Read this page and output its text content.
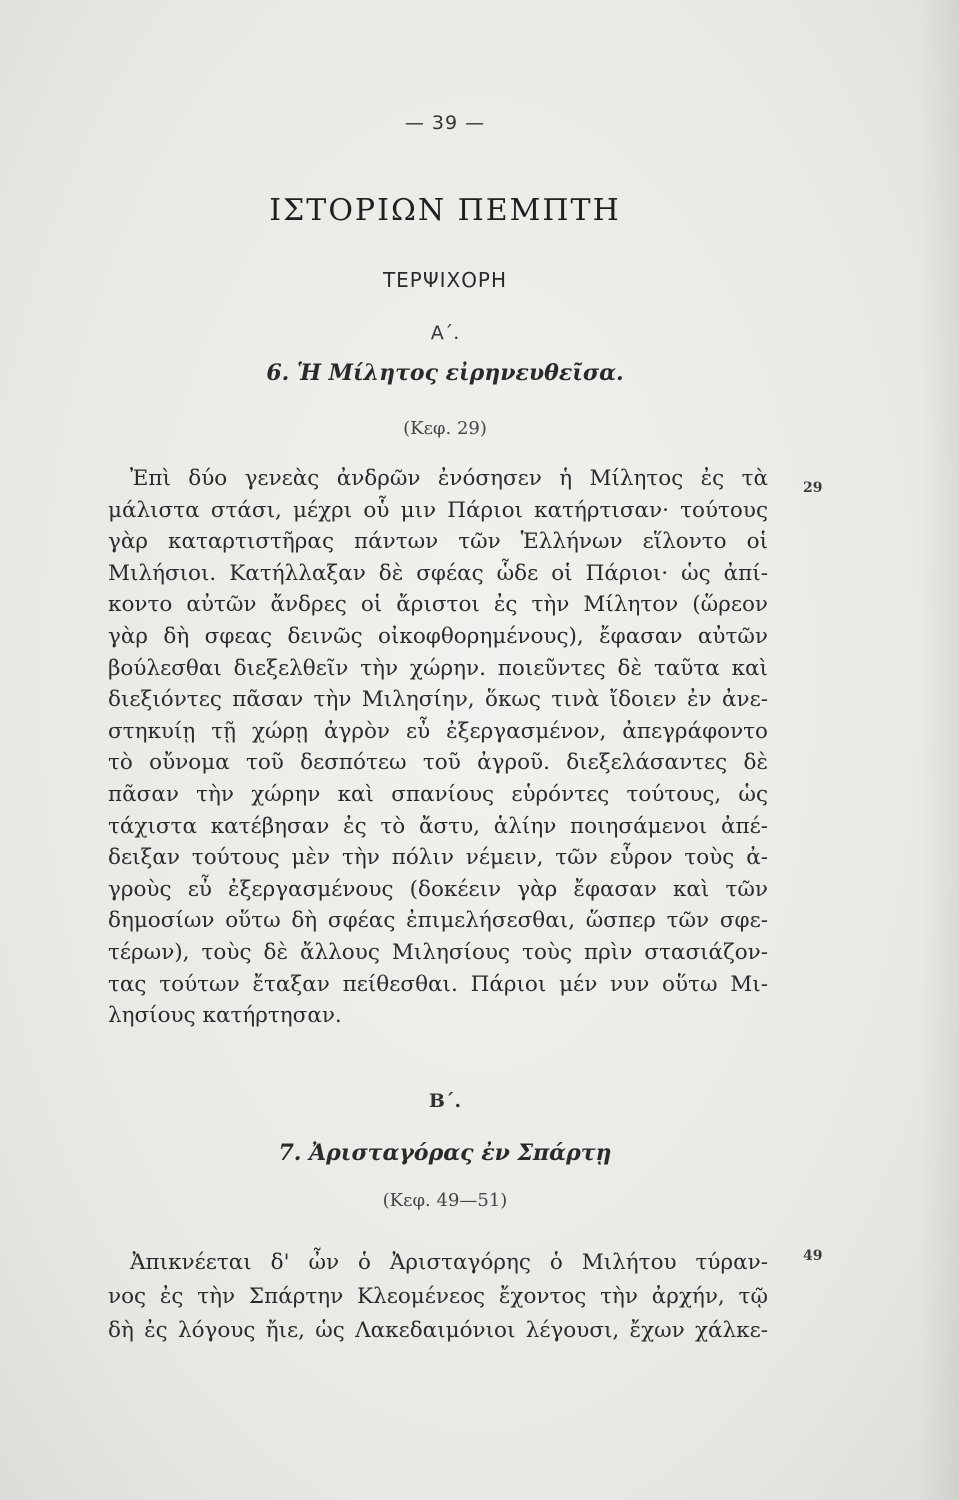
— 39 —
ΙΣΤΟΡΙΩΝ ΠΕΜΠΤΗ
ΤΕΡΨΙΧΟΡΗ
Α΄.
6. Ἡ Μίλητος εἰρηνευθεῖσα.
(Κεφ. 29)
29
Ἐπὶ δύο γενεὰς ἀνδρῶν ἐνόσησεν ἡ Μίλητος ἐς τὰ
μάλιστα στάσι, μέχρι οὗ μιν Πάριοι κατήρτισαν· τούτους
γὰρ καταρτιστῆρας πάντων τῶν Ἑλλήνων εἵλοντο οἱ
Μιλήσιοι. Κατήλλαξαν δὲ σφέας ὧδε οἱ Πάριοι· ὡς ἀπί-
κοντο αὐτῶν ἄνδρες οἱ ἄριστοι ἐς τὴν Μίλητον (ὥρεον
γὰρ δὴ σφεας δεινῶς οἰκοφθορημένους), ἔφασαν αὐτῶν
βούλεσθαι διεξελθεῖν τὴν χώρην. ποιεῦντες δὲ ταῦτα καὶ
διεξιόντες πᾶσαν τὴν Μιλησίην, ὅκως τινὰ ἴδοιεν ἐν ἀνε-
στηκυίῃ τῇ χώρῃ ἀγρὸν εὖ ἐξεργασμένον, ἀπεγράφοντο
τὸ οὔνομα τοῦ δεσπότεω τοῦ ἀγροῦ. διεξελάσαντες δὲ
πᾶσαν τὴν χώρην καὶ σπανίους εὑρόντες τούτους, ὡς
τάχιστα κατέβησαν ἐς τὸ ἄστυ, ἁλίην ποιησάμενοι ἀπέ-
δειξαν τούτους μὲν τὴν πόλιν νέμειν, τῶν εὗρον τοὺς ἀ-
γροὺς εὖ ἐξεργασμένους (δοκέειν γὰρ ἔφασαν καὶ τῶν
δημοσίων οὕτω δὴ σφέας ἐπιμελήσεσθαι, ὥσπερ τῶν σφε-
τέρων), τοὺς δὲ ἄλλους Μιλησίους τοὺς πρὶν στασιάζον-
τας τούτων ἔταξαν πείθεσθαι. Πάριοι μέν νυν οὕτω Μι-
λησίους κατήρτησαν.
Β΄.
7. Ἀρισταγόρας ἐν Σπάρτῃ
(Κεφ. 49—51)
49
Ἀπικνέεται δ' ὦν ὁ Ἀρισταγόρης ὁ Μιλήτου τύραν-
νος ἐς τὴν Σπάρτην Κλεομένεος ἔχοντος τὴν ἀρχήν, τῷ
δὴ ἐς λόγους ἤιε, ὡς Λακεδαιμόνιοι λέγουσι, ἔχων χάλκε-
